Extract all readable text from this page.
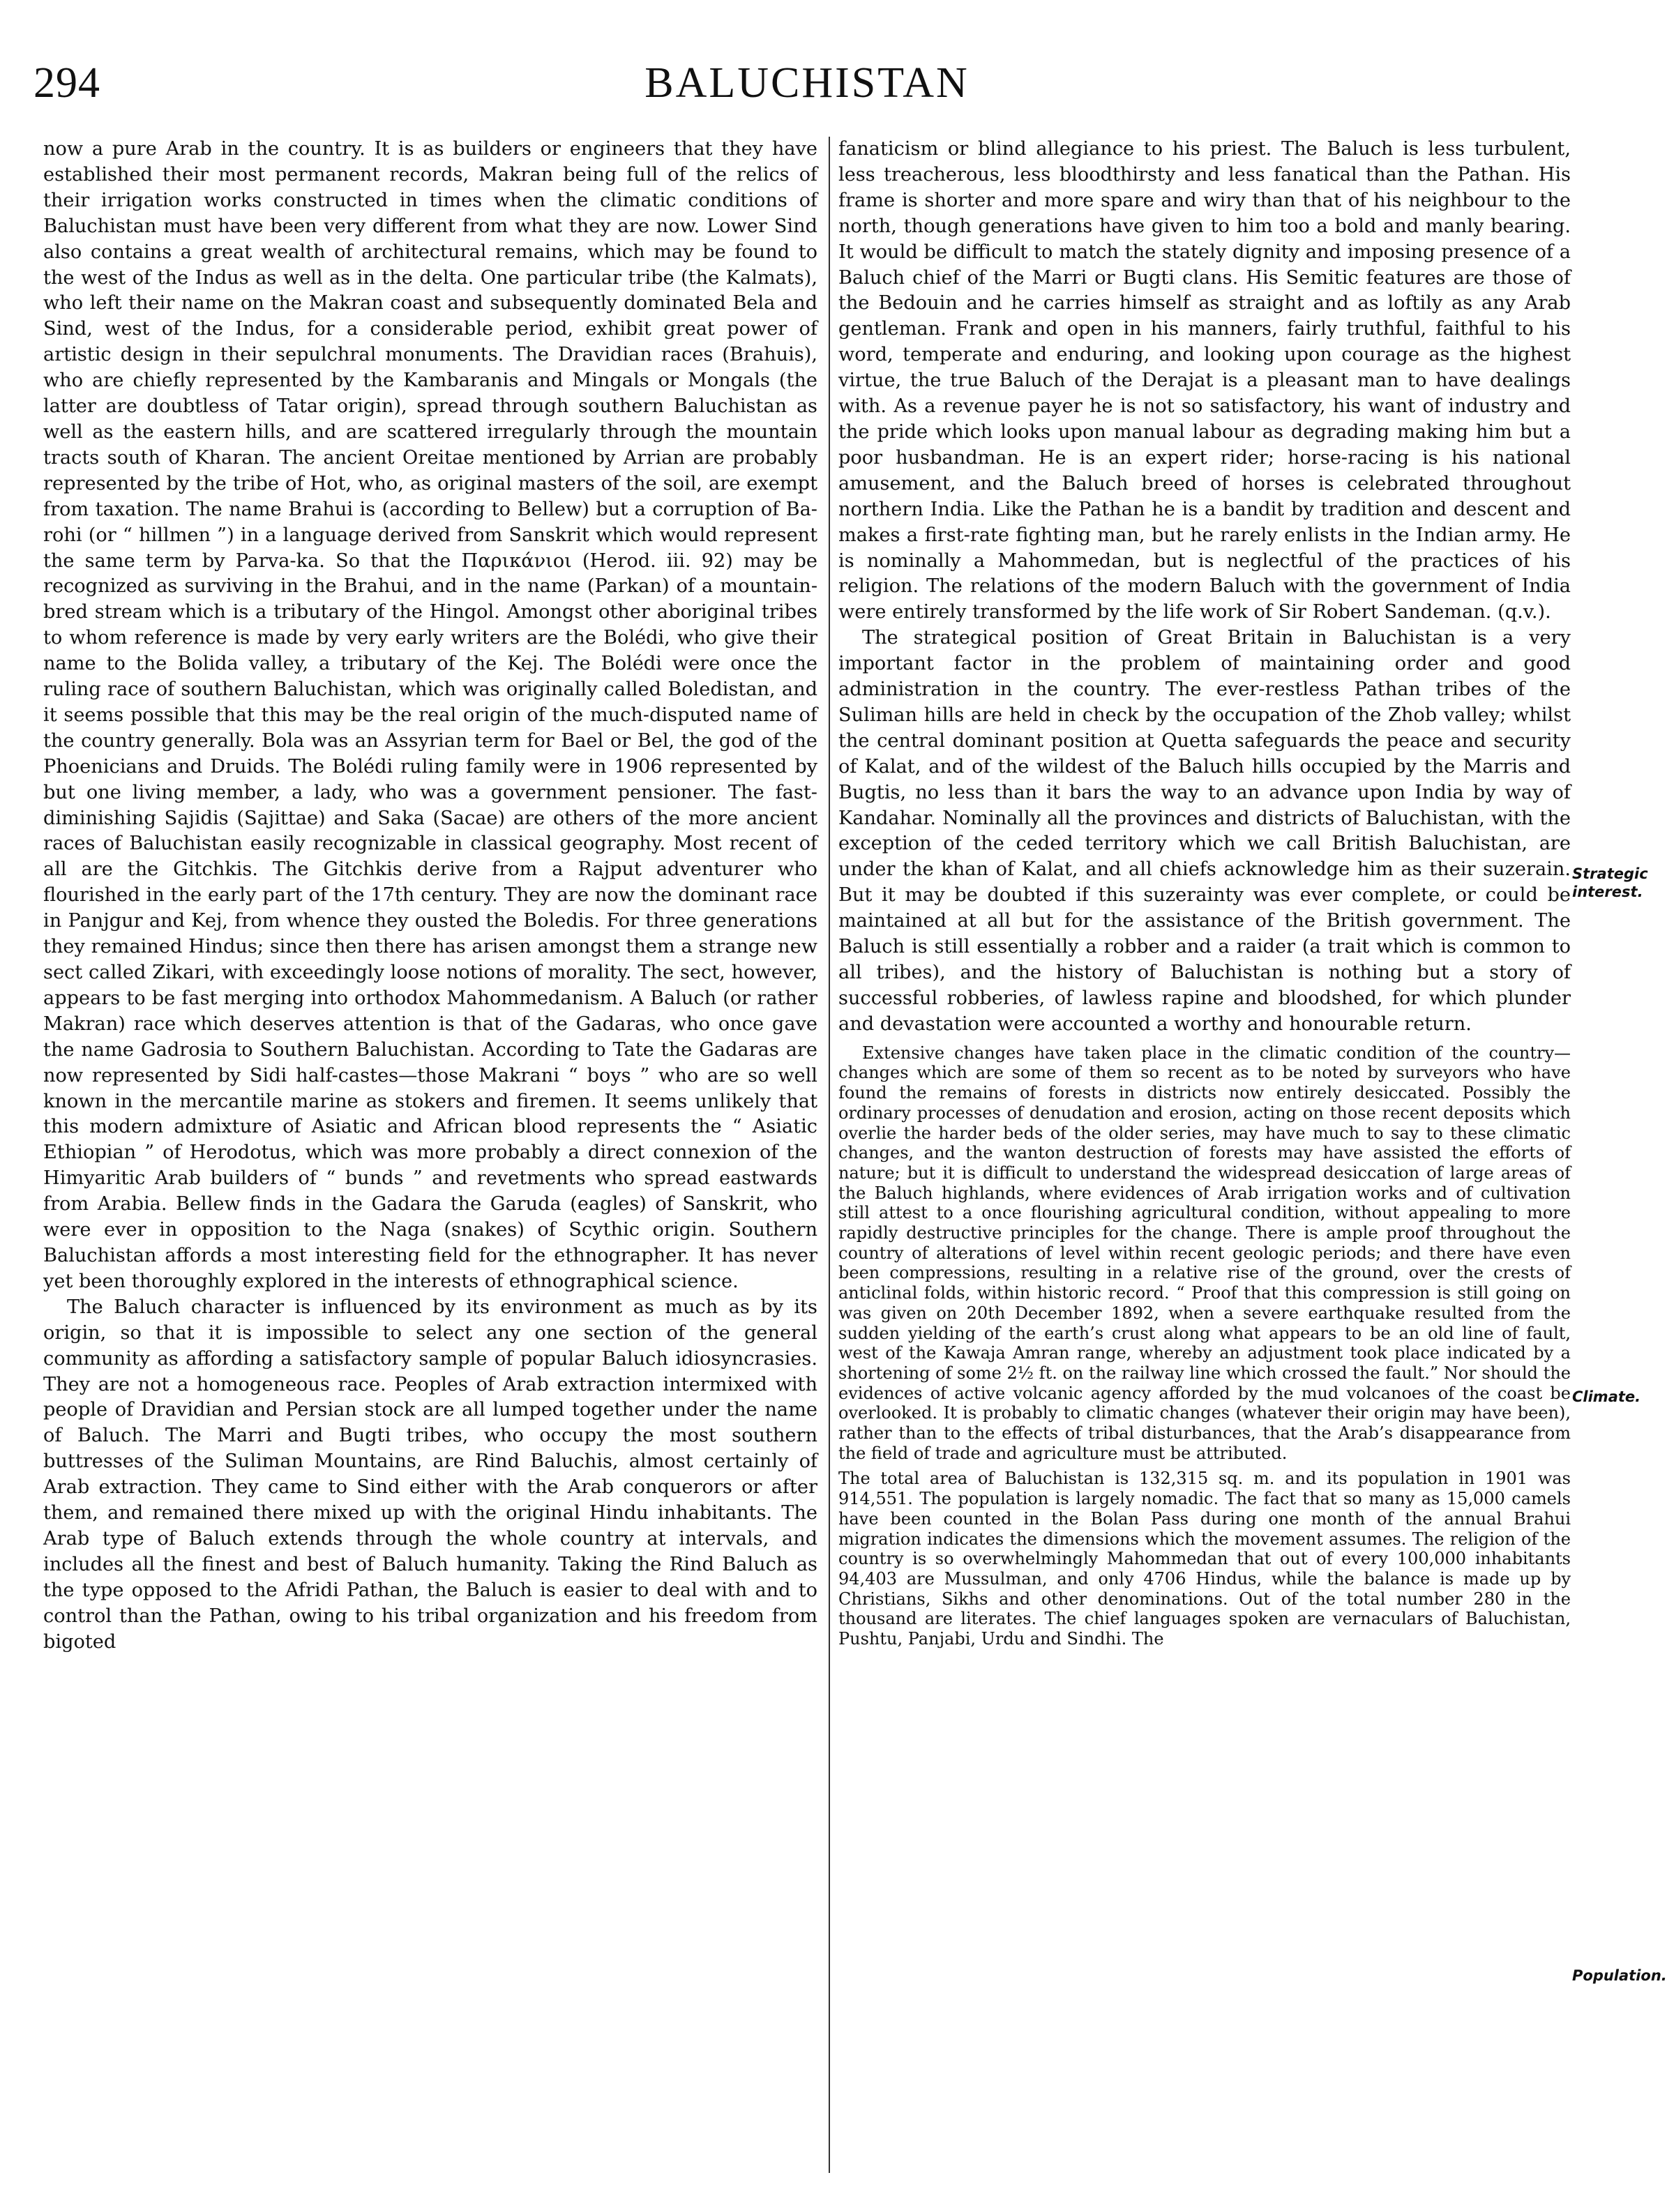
294	BALUCHISTAN

now a pure Arab in the country. It is as builders or engineers that they have established their most permanent records, Makran being full of the relics of their irrigation works constructed in times when the climatic conditions of Baluchistan must have been very different from what they are now. Lower Sind also contains a great wealth of architectural remains, which may be found to the west of the Indus as well as in the delta. One particular tribe (the Kalmats), who left their name on the Makran coast and subsequently dominated Bela and Sind, west of the Indus, for a considerable period, exhibit great power of artistic design in their sepulchral monuments. The Dravidian races (Brahuis), who are chiefly represented by the Kambaranis and Mingals or Mongals (the latter are doubtless of Tatar origin), spread through southern Baluchistan as well as the eastern hills, and are scattered irregularly through the mountain tracts south of Kharan. The ancient Oreitae mentioned by Arrian are probably represented by the tribe of Hot, who, as original masters of the soil, are exempt from taxation. The name Brahui is (according to Bellew) but a corruption of Ba-rohi (or “ hillmen ”) in a language derived from Sanskrit which would represent the same term by Parva-ka. So that the Παρικάνιοι (Herod. iii. 92) may be recognized as surviving in the Brahui, and in the name (Parkan) of a mountain-bred stream which is a tributary of the Hingol. Amongst other aboriginal tribes to whom reference is made by very early writers are the Bolédi, who give their name to the Bolida valley, a tributary of the Kej. The Bolédi were once the ruling race of southern Baluchistan, which was originally called Boledistan, and it seems possible that this may be the real origin of the much-disputed name of the country generally. Bola was an Assyrian term for Bael or Bel, the god of the Phoenicians and Druids. The Bolédi ruling family were in 1906 represented by but one living member, a lady, who was a government pensioner. The fast-diminishing Sajidis (Sajittae) and Saka (Sacae) are others of the more ancient races of Baluchistan easily recognizable in classical geography. Most recent of all are the Gitchkis. The Gitchkis derive from a Rajput adventurer who flourished in the early part of the 17th century. They are now the dominant race in Panjgur and Kej, from whence they ousted the Boledis. For three generations they remained Hindus; since then there has arisen amongst them a strange new sect called Zikari, with exceedingly loose notions of morality. The sect, however, appears to be fast merging into orthodox Mahommedanism. A Baluch (or rather Makran) race which deserves attention is that of the Gadaras, who once gave the name Gadrosia to Southern Baluchistan. According to Tate the Gadaras are now represented by Sidi half-castes—those Makrani “ boys ” who are so well known in the mercantile marine as stokers and firemen. It seems unlikely that this modern admixture of Asiatic and African blood represents the “ Asiatic Ethiopian ” of Herodotus, which was more probably a direct connexion of the Himyaritic Arab builders of “ bunds ” and revetments who spread eastwards from Arabia. Bellew finds in the Gadara the Garuda (eagles) of Sanskrit, who were ever in opposition to the Naga (snakes) of Scythic origin. Southern Baluchistan affords a most interesting field for the ethnographer. It has never yet been thoroughly explored in the interests of ethnographical science.

The Baluch character is influenced by its environment as much as by its origin, so that it is impossible to select any one section of the general community as affording a satisfactory sample of popular Baluch idiosyncrasies. They are not a homogeneous race. Peoples of Arab extraction intermixed with people of Dravidian and Persian stock are all lumped together under the name of Baluch. The Marri and Bugti tribes, who occupy the most southern buttresses of the Suliman Mountains, are Rind Baluchis, almost certainly of Arab extraction. They came to Sind either with the Arab conquerors or after them, and remained there mixed up with the original Hindu inhabitants. The Arab type of Baluch extends through the whole country at intervals, and includes all the finest and best of Baluch humanity. Taking the Rind Baluch as the type opposed to the Afridi Pathan, the Baluch is easier to deal with and to control than the Pathan, owing to his tribal organization and his freedom from bigoted

fanaticism or blind allegiance to his priest. The Baluch is less turbulent, less treacherous, less bloodthirsty and less fanatical than the Pathan. His frame is shorter and more spare and wiry than that of his neighbour to the north, though generations have given to him too a bold and manly bearing. It would be difficult to match the stately dignity and imposing presence of a Baluch chief of the Marri or Bugti clans. His Semitic features are those of the Bedouin and he carries himself as straight and as loftily as any Arab gentleman. Frank and open in his manners, fairly truthful, faithful to his word, temperate and enduring, and looking upon courage as the highest virtue, the true Baluch of the Derajat is a pleasant man to have dealings with. As a revenue payer he is not so satisfactory, his want of industry and the pride which looks upon manual labour as degrading making him but a poor husbandman. He is an expert rider; horse-racing is his national amusement, and the Baluch breed of horses is celebrated throughout northern India. Like the Pathan he is a bandit by tradition and descent and makes a first-rate fighting man, but he rarely enlists in the Indian army. He is nominally a Mahommedan, but is neglectful of the practices of his religion. The relations of the modern Baluch with the government of India were entirely transformed by the life work of Sir Robert Sandeman. (q.v.).

The strategical position of Great Britain in Baluchistan is a very important factor in the problem of maintaining order and good administration in the country. The ever-restless Pathan tribes of the Suliman hills are held in check by the occupation of the Zhob valley; whilst the central dominant position at Quetta safeguards the peace and security of Kalat, and of the wildest of the Baluch hills occupied by the Marris and Bugtis, no less than it bars the way to an advance upon India by way of Kandahar. Nominally all the provinces and districts of Baluchistan, with the exception of the ceded territory which we call British Baluchistan, are under the khan of Kalat, and all chiefs acknowledge him as their suzerain. But it may be doubted if this suzerainty was ever complete, or could be maintained at all but for the assistance of the British government. The Baluch is still essentially a robber and a raider (a trait which is common to all tribes), and the history of Baluchistan is nothing but a story of successful robberies, of lawless rapine and bloodshed, for which plunder and devastation were accounted a worthy and honourable return.

Extensive changes have taken place in the climatic condition of the country—changes which are some of them so recent as to be noted by surveyors who have found the remains of forests in districts now entirely desiccated. Possibly the ordinary processes of denudation and erosion, acting on those recent deposits which overlie the harder beds of the older series, may have much to say to these climatic changes, and the wanton destruction of forests may have assisted the efforts of nature; but it is difficult to understand the widespread desiccation of large areas of the Baluch highlands, where evidences of Arab irrigation works and of cultivation still attest to a once flourishing agricultural condition, without appealing to more rapidly destructive principles for the change. There is ample proof throughout the country of alterations of level within recent geologic periods; and there have even been compressions, resulting in a relative rise of the ground, over the crests of anticlinal folds, within historic record. “ Proof that this compression is still going on was given on 20th December 1892, when a severe earthquake resulted from the sudden yielding of the earth’s crust along what appears to be an old line of fault, west of the Kawaja Amran range, whereby an adjustment took place indicated by a shortening of some 2½ ft. on the railway line which crossed the fault.” Nor should the evidences of active volcanic agency afforded by the mud volcanoes of the coast be overlooked. It is probably to climatic changes (whatever their origin may have been), rather than to the effects of tribal disturbances, that the Arab’s disappearance from the field of trade and agriculture must be attributed.

The total area of Baluchistan is 132,315 sq. m. and its population in 1901 was 914,551. The population is largely nomadic. The fact that so many as 15,000 camels have been counted in the Bolan Pass during one month of the annual Brahui migration indicates the dimensions which the movement assumes. The religion of the country is so overwhelmingly Mahommedan that out of every 100,000 inhabitants 94,403 are Mussulman, and only 4706 Hindus, while the balance is made up by Christians, Sikhs and other denominations. Out of the total number 280 in the thousand are literates. The chief languages spoken are vernaculars of Baluchistan, Pushtu, Panjabi, Urdu and Sindhi. The

Strategic interest.
Climate.
Population.
